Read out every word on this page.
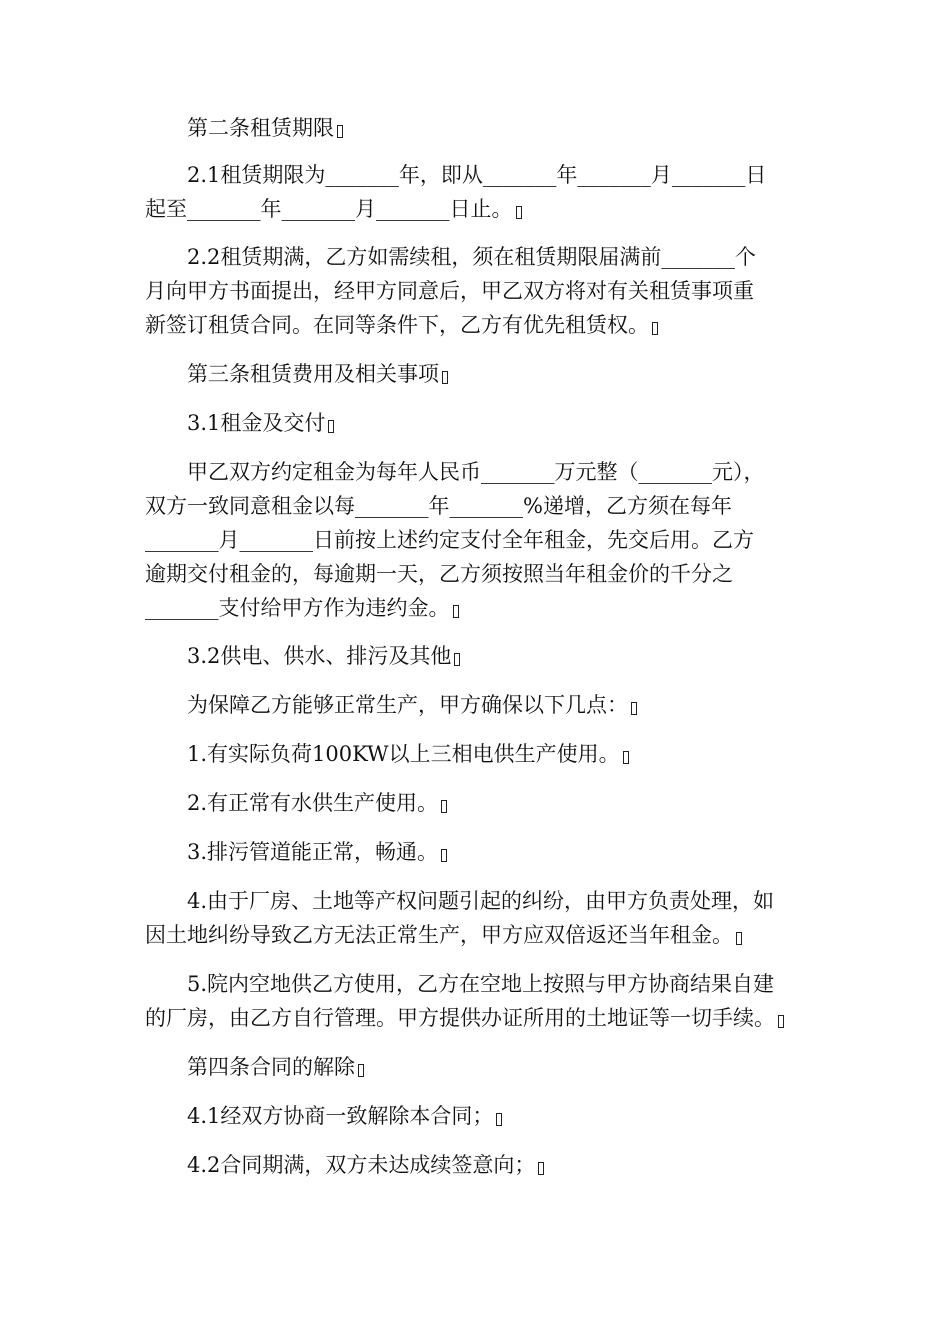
　　第二条租赁期限

　　2.1租赁期限为_______年，即从_______年_______月_______日
起至_______年_______月_______日止。

　　2.2租赁期满，乙方如需续租，须在租赁期限届满前_______个
月向甲方书面提出，经甲方同意后，甲乙双方将对有关租赁事项重
新签订租赁合同。在同等条件下，乙方有优先租赁权。

　　第三条租赁费用及相关事项

　　3.1租金及交付

　　甲乙双方约定租金为每年人民币_______万元整（_______元），
双方一致同意租金以每_______年_______%递增，乙方须在每年
_______月_______日前按上述约定支付全年租金，先交后用。乙方
逾期交付租金的，每逾期一天，乙方须按照当年租金价的千分之
_______支付给甲方作为违约金。

　　3.2供电、供水、排污及其他

　　为保障乙方能够正常生产，甲方确保以下几点：

　　1.有实际负荷100KW以上三相电供生产使用。

　　2.有正常有水供生产使用。

　　3.排污管道能正常，畅通。

　　4.由于厂房、土地等产权问题引起的纠纷，由甲方负责处理，如
因土地纠纷导致乙方无法正常生产，甲方应双倍返还当年租金。

　　5.院内空地供乙方使用，乙方在空地上按照与甲方协商结果自建
的厂房，由乙方自行管理。甲方提供办证所用的土地证等一切手续。

　　第四条合同的解除

　　4.1经双方协商一致解除本合同；

　　4.2合同期满，双方未达成续签意向；
